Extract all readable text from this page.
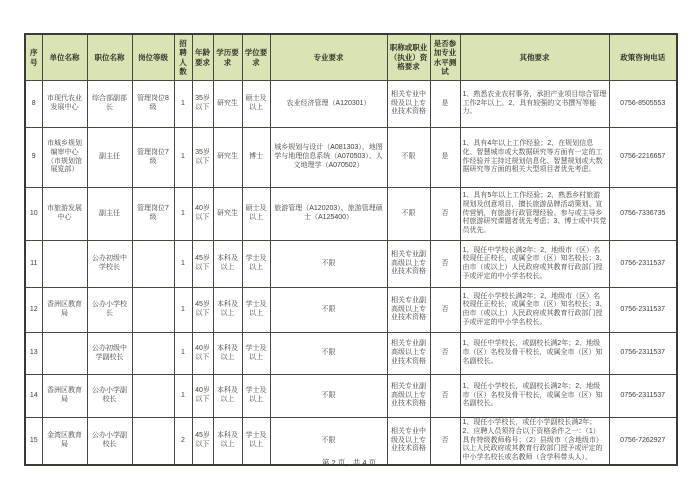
序号	单位名称	职位名称	岗位等级	招聘人数	年龄要求	学历要求	学位要求	专业要求	职称或职业（执业）资格要求	是否参加专业水平测试	其他要求	政策咨询电话
8	市现代农业发展中心	综合部副部长	管理岗位8级	1	35岁以下	研究生	硕士及以上	农业经济管理（A120301）	相关专业中级及以上专业技术资格	是	1、熟悉农业农村事务，承担产业项目综合管理工作2年以上。2、具有较强的文书撰写等能力。	0756-8505553
9	市城乡规划编审中心（市规划馆展览部）	副主任	管理岗位7级	1	35岁以下	研究生	博士	城乡规划与设计（A081303）、地图学与地理信息系统（A070503）、人文地理学（A070502）	不限	是	1、具有4年以上工作经验；2、在规划信息化、智慧城市或大数据研究等方面有一定的工作经验并主持过规划信息化、智慧规划或大数据研究等方面的相关大型项目者优先考虑。	0756-2216657
10	市旅游发展中心	副主任	管理岗位7级	1	40岁以下	研究生	硕士及以上	旅游管理（A120203）、旅游管理硕士（A125400）	不限	否	1、具有5年以上工作经验；2、熟悉乡村旅游规划及创意项目，擅长旅游品牌活动策划、宣传营销，有旅游行政管理经验、参与或主导乡村旅游研究课题者优先考虑；3、博士或中共党员优先。	0756-7336735
11		公办初级中学校长		1	45岁以下	本科及以上	学士及以上	不限	相关专业副高级以上专业技术资格	否	1、现任中学校长满2年；2、地级市（区）名校现任正校长，或属全市（区）知名校长；3、由市（或以上）人民政府或其教育行政部门授予或评定的中小学名校长。	0756-2311537
12	香洲区教育局	公办小学校长		1	45岁以下	本科及以上	学士及以上	不限	相关专业副高级以上专业技术资格	否	1、现任小学校长满2年；2、地级市（区）名校现任正校长，或属全市（区）知名校长；3、由市（或以上）人民政府或其教育行政部门授予或评定的中小学名校长。	0756-2311537
13		公办初级中学副校长		1	40岁以下	本科及以上	学士及以上	不限	相关专业副高级以上专业技术资格	否	1、现任中学校长，或副校长满2年；2、地级市（区）名校及骨干校长，或属全市（区）知名副校长。	0756-2311537
14	香洲区教育局	公办小学副校长		1	40岁以下	本科及以上	学士及以上	不限	相关专业副高级以上专业技术资格	否	1、现任小学校长，或副校长满2年；2、地级市（区）名校及骨干校长，或属全市（区）知名副校长。	0756-2311537
15	金湾区教育局	公办小学副校长		2	45岁以下	本科及以上	学士及以上	不限	相关专业中级及以上专业技术资格	否	1、现任小学校长，或任小学副校长满2年；2、应聘人员须符合以下资格条件之一：（1）具有特级教师称号；（2）县级市（含地级市）以上人民政府或其教育行政部门授予或评定的中小学名校长或名教师（含学科带头人）。	0756-7262927
第 2 页，共 4 页
